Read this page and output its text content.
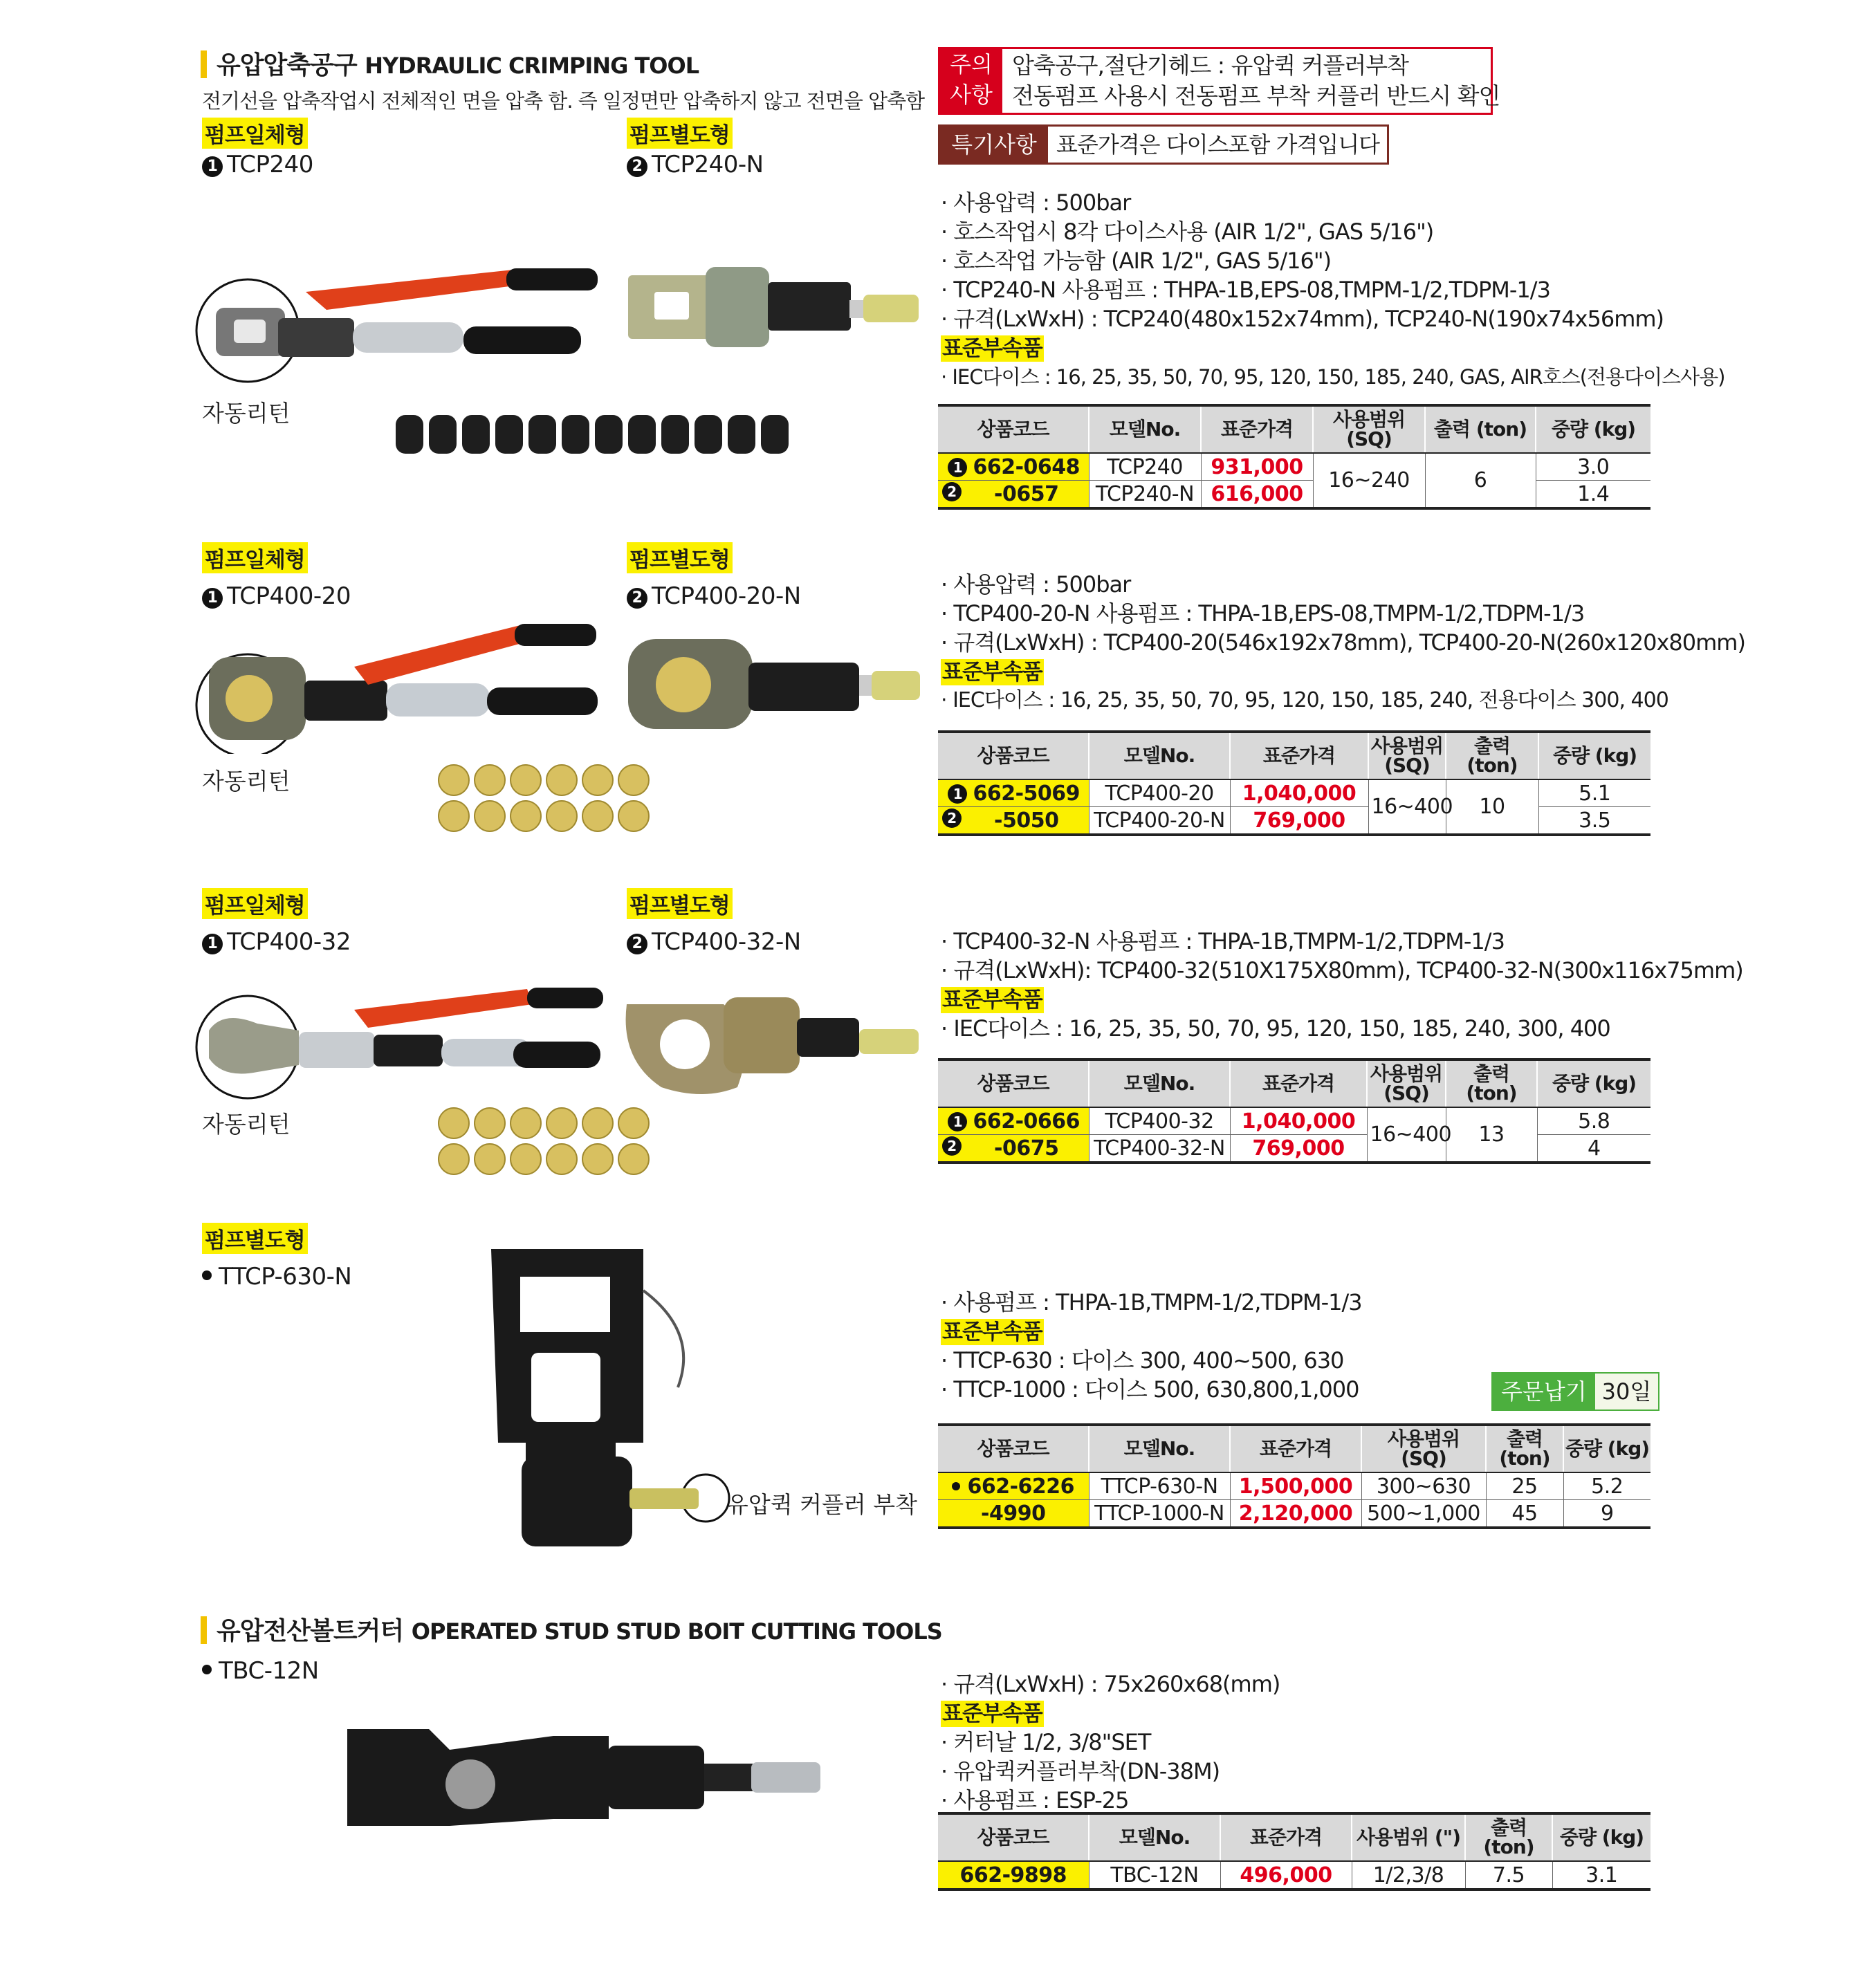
유압압축공구 HYDRAULIC CRIMPING TOOL
전기선을 압축작업시 전체적인 면을 압축 함. 즉 일정면만 압축하지 않고 전면을 압축함
주의
사항
압축공구,절단기헤드 : 유압퀵 커플러부착
전동펌프 사용시 전동펌프 부착 커플러 반드시 확인
특기사항 표준가격은 다이스포함 가격입니다
펌프일체형
1 TCP240
펌프별도형
2 TCP240-N
자동리턴
· 사용압력 : 500bar
· 호스작업시 8각 다이스사용 (AIR 1/2", GAS 5/16")
· 호스작업 가능함 (AIR 1/2", GAS 5/16")
· TCP240-N 사용펌프 : THPA-1B,EPS-08,TMPM-1/2,TDPM-1/3
· 규격(LxWxH) : TCP240(480x152x74mm), TCP240-N(190x74x56mm)
표준부속품
· IEC다이스 : 16, 25, 35, 50, 70, 95, 120, 150, 185, 240, GAS, AIR호스(전용다이스사용)
상품코드	모델No.	표준가격	사용범위 (SQ)	출력 (ton)	중량 (kg)
1 662-0648	TCP240	931,000	16~240	6	3.0

2 -0657	TCP240-N	616,000			1.4
펌프일체형
1 TCP400-20
펌프별도형
2 TCP400-20-N
자동리턴
· 사용압력 : 500bar
· TCP400-20-N 사용펌프 : THPA-1B,EPS-08,TMPM-1/2,TDPM-1/3
· 규격(LxWxH) : TCP400-20(546x192x78mm), TCP400-20-N(260x120x80mm)
표준부속품
· IEC다이스 : 16, 25, 35, 50, 70, 95, 120, 150, 185, 240, 전용다이스 300, 400
상품코드	모델No.	표준가격	사용범위 (SQ)	출력 (ton)	중량 (kg)
1 662-5069	TCP400-20	1,040,000	16~400	10	5.1

2 -5050	TCP400-20-N	769,000			3.5
펌프일체형
1 TCP400-32
펌프별도형
2 TCP400-32-N
자동리턴
· TCP400-32-N 사용펌프 : THPA-1B,TMPM-1/2,TDPM-1/3
· 규격(LxWxH): TCP400-32(510X175X80mm), TCP400-32-N(300x116x75mm)
표준부속품
· IEC다이스 : 16, 25, 35, 50, 70, 95, 120, 150, 185, 240, 300, 400
상품코드	모델No.	표준가격	사용범위 (SQ)	출력 (ton)	중량 (kg)
1 662-0666	TCP400-32	1,040,000	16~400	13	5.8

2 -0675	TCP400-32-N	769,000			4
펌프별도형
TTCP-630-N
유압퀵 커플러 부착
· 사용펌프 : THPA-1B,TMPM-1/2,TDPM-1/3
표준부속품
· TTCP-630 : 다이스 300, 400~500, 630
· TTCP-1000 : 다이스 500, 630,800,1,000	주문납기 30일
상품코드	모델No.	표준가격	사용범위 (SQ)	출력 (ton)	중량 (kg)
662-6226	TTCP-630-N	1,500,000	300~630	25	5.2
-4990	TTCP-1000-N	2,120,000	500~1,000	45	9
유압전산볼트커터 OPERATED STUD STUD BOIT CUTTING TOOLS
TBC-12N	· 규격(LxWxH) : 75x260x68(mm)
표준부속품
· 커터날 1/2, 3/8"SET
· 유압퀵커플러부착(DN-38M)
· 사용펌프 : ESP-25
상품코드	모델No.	표준가격	사용범위 (")	출력 (ton)	중량 (kg)
662-9898	TBC-12N	496,000	1/2,3/8	7.5	3.1
